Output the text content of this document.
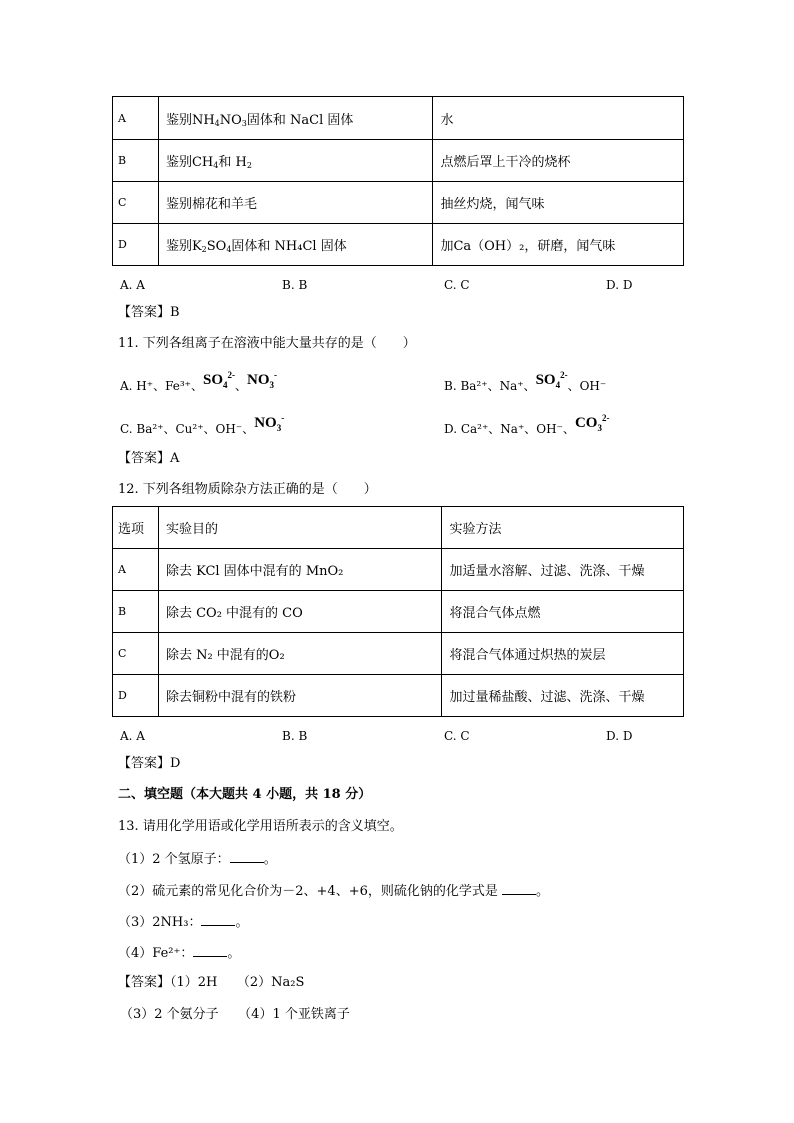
A	鉴别$NH_4NO_3$固体和 NaCl 固体	水
B	鉴别$CH_4$和 $H_2$	点燃后罩上干冷的烧杯
C	鉴别棉花和羊毛	抽丝灼烧，闻气味
D	鉴别$K_2SO_4$固体和 NH₄Cl 固体	加Ca（OH）₂，研磨，闻气味
A. A	B. B	C. C	D. D
【答案】B
11. 下列各组离子在溶液中能大量共存的是（　　）
A. H⁺、Fe³⁺、$SO_4^{2-}$、$NO_3^-$
B. Ba²⁺、Na⁺、$SO_4^{2-}$、OH⁻
C. Ba²⁺、Cu²⁺、OH⁻、$NO_3^-$
D. Ca²⁺、Na⁺、OH⁻、$CO_3^{2-}$
【答案】A
12. 下列各组物质除杂方法正确的是（　　）
选项	实验目的	实验方法
A	除去 KCl 固体中混有的 MnO₂	加适量水溶解、过滤、洗涤、干燥
B	除去 CO₂ 中混有的 CO	将混合气体点燃
C	除去 N₂ 中混有的O₂	将混合气体通过炽热的炭层
D	除去铜粉中混有的铁粉	加过量稀盐酸、过滤、洗涤、干燥
A. A	B. B	C. C	D. D
【答案】D
二、填空题（本大题共 4 小题，共 18 分）
13. 请用化学用语或化学用语所表示的含义填空。
（1）2 个氢原子：	。
（2）硫元素的常见化合价为－2、+4、+6，则硫化钠的化学式是	。
（3）2NH₃：	。
（4）Fe²⁺：	。
【答案】（1）2H　　（2）Na₂S
（3）2 个氨分子　　（4）1 个亚铁离子
